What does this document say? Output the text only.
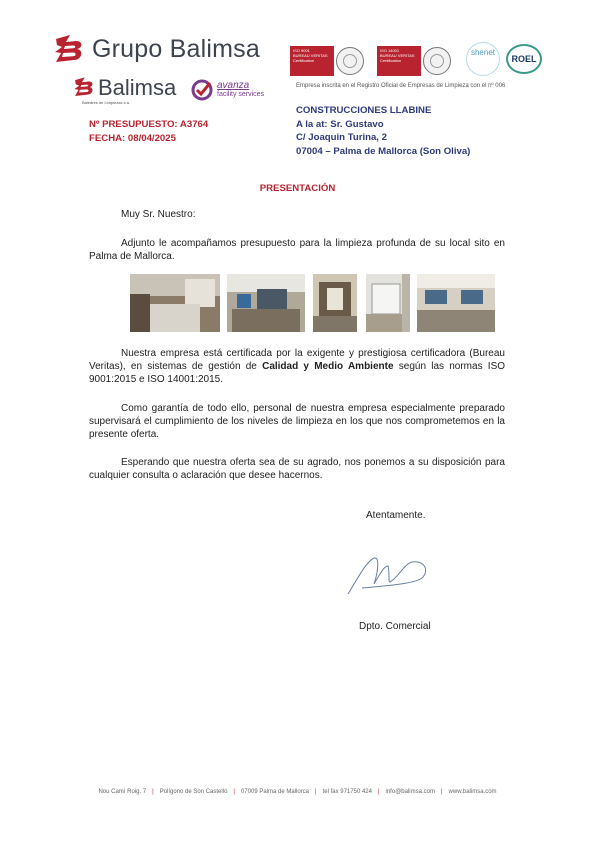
Grupo Balimsa
Balimsa
Baleares de Limpiezas s.a.
avanza
facility services
ISO 9001
BUREAU VERITAS
Certification
ISO 14001
BUREAU VERITAS
Certification
shenet
ROEL
Empresa inscrita en el Registro Oficial de Empresas de Limpieza con el nº 006
CONSTRUCCIONES LLABINE
A la at: Sr. Gustavo
C/ Joaquin Turina, 2
07004 – Palma de Mallorca (Son Oliva)
Nº PRESUPUESTO: A3764
FECHA: 08/04/2025
PRESENTACIÓN
Muy Sr. Nuestro:
Adjunto le acompañamos presupuesto para la limpieza profunda de su local sito en Palma de Mallorca.
Nuestra empresa está certificada por la exigente y prestigiosa certificadora (Bureau Veritas), en sistemas de gestión de Calidad y Medio Ambiente según las normas ISO 9001:2015 e ISO 14001:2015.
Como garantía de todo ello, personal de nuestra empresa especialmente preparado supervisará el cumplimiento de los niveles de limpieza en los que nos comprometemos en la presente oferta.
Esperando que nuestra oferta sea de su agrado, nos ponemos a su disposición para cualquier consulta o aclaración que desee hacernos.
Atentamente.
Dpto. Comercial
Nou Camí Roig, 7 | Polígono de Son Castelló | 07009 Palma de Mallorca | tel fax 971750 424 | info@balimsa.com | www.balimsa.com
